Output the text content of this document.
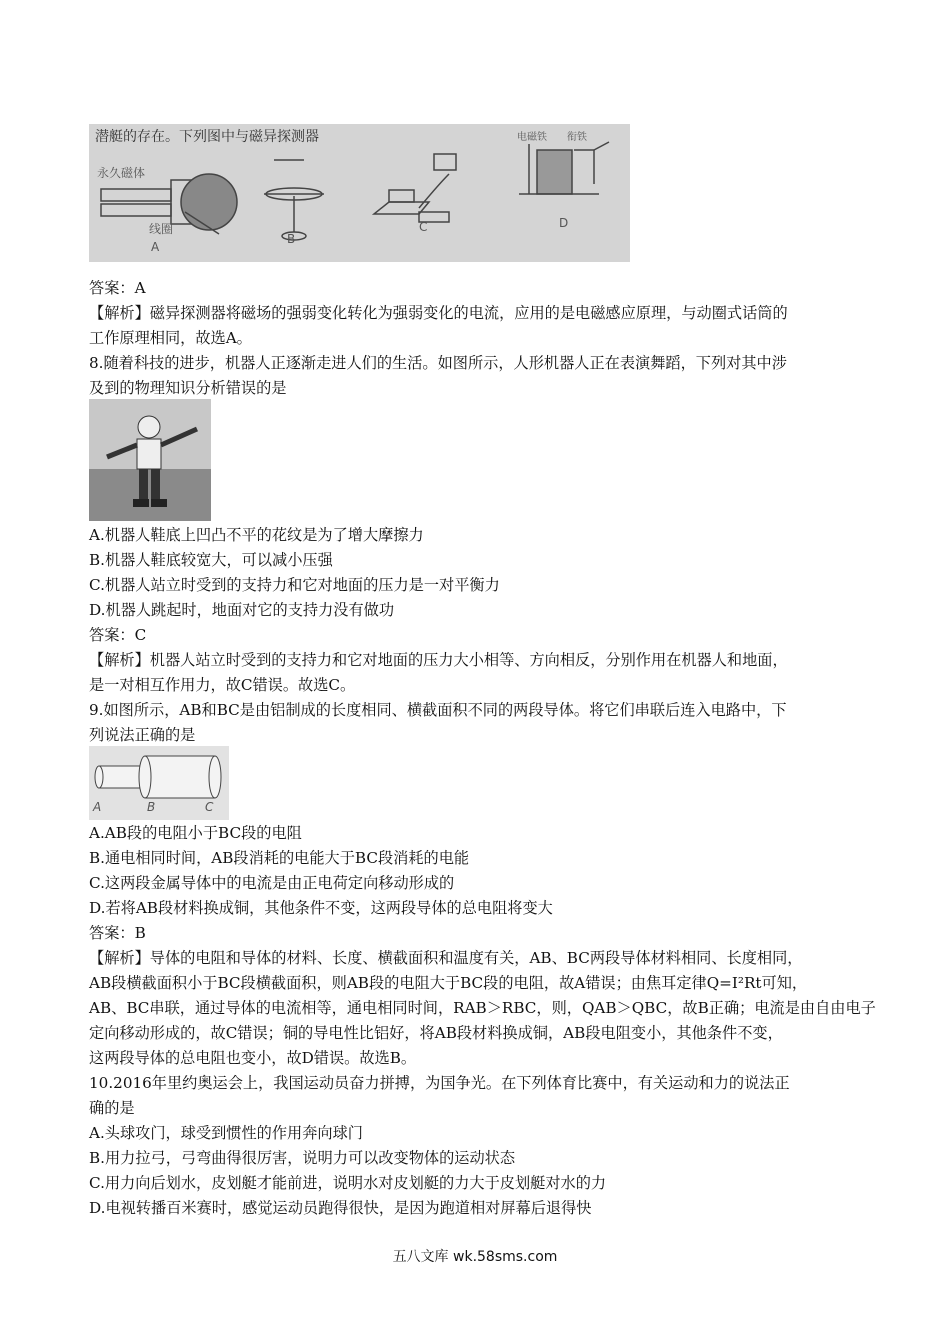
潜艇的存在。下列图中与磁异探测器
永久磁体
线圈
电磁铁 衔铁
A
B
C	D
答案：A
【解析】磁异探测器将磁场的强弱变化转化为强弱变化的电流，应用的是电磁感应原理，与动圈式话筒的
工作原理相同，故选A。
8.随着科技的进步，机器人正逐渐走进人们的生活。如图所示，人形机器人正在表演舞蹈，下列对其中涉
及到的物理知识分析错误的是
A.机器人鞋底上凹凸不平的花纹是为了增大摩擦力
B.机器人鞋底较宽大，可以减小压强
C.机器人站立时受到的支持力和它对地面的压力是一对平衡力
D.机器人跳起时，地面对它的支持力没有做功
答案：C
【解析】机器人站立时受到的支持力和它对地面的压力大小相等、方向相反，分别作用在机器人和地面，
是一对相互作用力，故C错误。故选C。
9.如图所示，AB和BC是由铝制成的长度相同、横截面积不同的两段导体。将它们串联后连入电路中，下
列说法正确的是
A	B	C
A.AB段的电阻小于BC段的电阻
B.通电相同时间，AB段消耗的电能大于BC段消耗的电能
C.这两段金属导体中的电流是由正电荷定向移动形成的
D.若将AB段材料换成铜，其他条件不变，这两段导体的总电阻将变大
答案：B
【解析】导体的电阻和导体的材料、长度、横截面积和温度有关，AB、BC两段导体材料相同、长度相同，
AB段横截面积小于BC段横截面积，则AB段的电阻大于BC段的电阻，故A错误；由焦耳定律Q=I²Rt可知，
AB、BC串联，通过导体的电流相等，通电相同时间，RAB＞RBC，则，QAB＞QBC，故B正确；电流是由自由电子
定向移动形成的，故C错误；铜的导电性比铝好，将AB段材料换成铜，AB段电阻变小，其他条件不变，
这两段导体的总电阻也变小，故D错误。故选B。
10.2016年里约奥运会上，我国运动员奋力拼搏，为国争光。在下列体育比赛中，有关运动和力的说法正
确的是
A.头球攻门，球受到惯性的作用奔向球门
B.用力拉弓，弓弯曲得很厉害，说明力可以改变物体的运动状态
C.用力向后划水，皮划艇才能前进，说明水对皮划艇的力大于皮划艇对水的力
D.电视转播百米赛时，感觉运动员跑得很快，是因为跑道相对屏幕后退得快
五八文库 wk.58sms.com
